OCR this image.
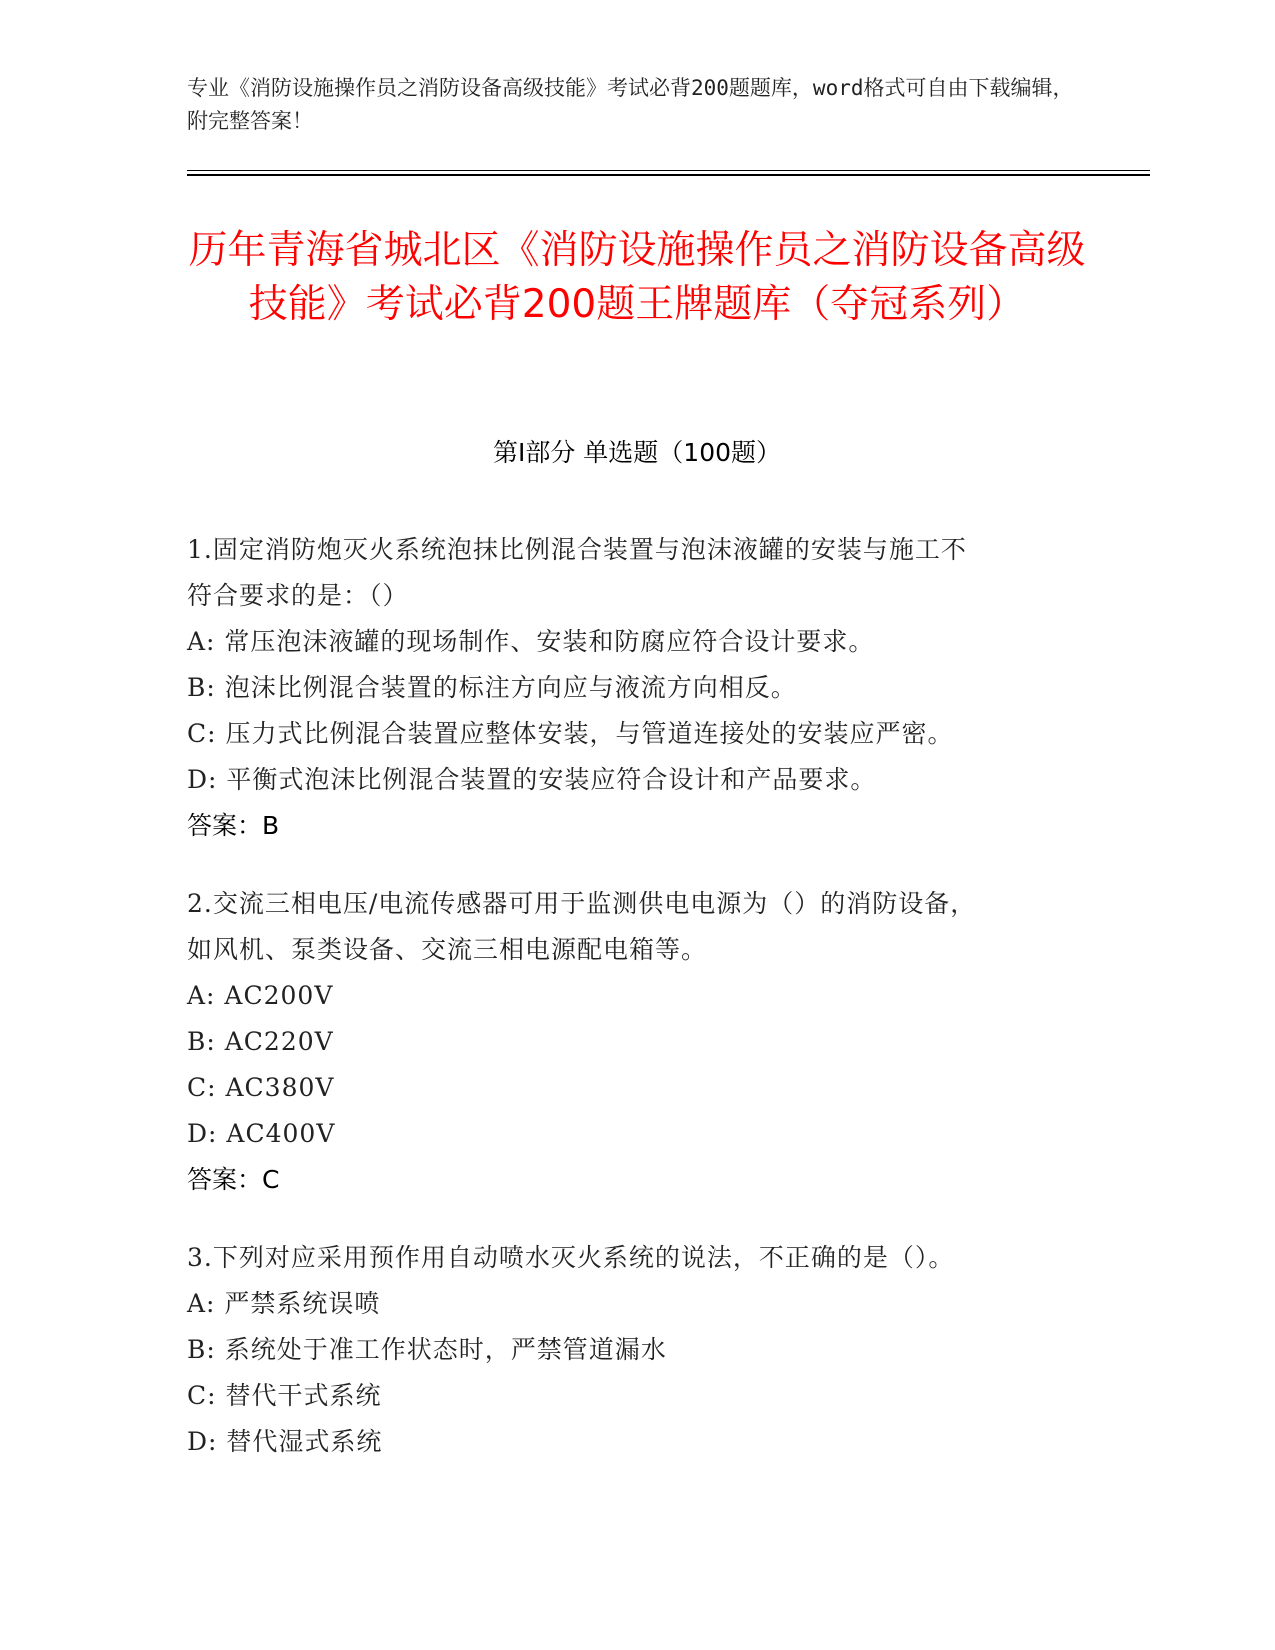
专业《消防设施操作员之消防设备高级技能》考试必背200题题库，word格式可自由下载编辑，附完整答案！
历年青海省城北区《消防设施操作员之消防设备高级技能》考试必背200题王牌题库（夺冠系列）
第Ⅰ部分 单选题（100题）
1.固定消防炮灭火系统泡抹比例混合装置与泡沫液罐的安装与施工不
符合要求的是：（）
A: 常压泡沫液罐的现场制作、安装和防腐应符合设计要求。
B: 泡沫比例混合装置的标注方向应与液流方向相反。
C: 压力式比例混合装置应整体安装，与管道连接处的安装应严密。
D: 平衡式泡沫比例混合装置的安装应符合设计和产品要求。
答案：B
2.交流三相电压/电流传感器可用于监测供电电源为（）的消防设备，
如风机、泵类设备、交流三相电源配电箱等。
A: AC200V
B: AC220V
C: AC380V
D: AC400V
答案：C
3.下列对应采用预作用自动喷水灭火系统的说法，不正确的是（）。
A: 严禁系统误喷
B: 系统处于准工作状态时，严禁管道漏水
C: 替代干式系统
D: 替代湿式系统
